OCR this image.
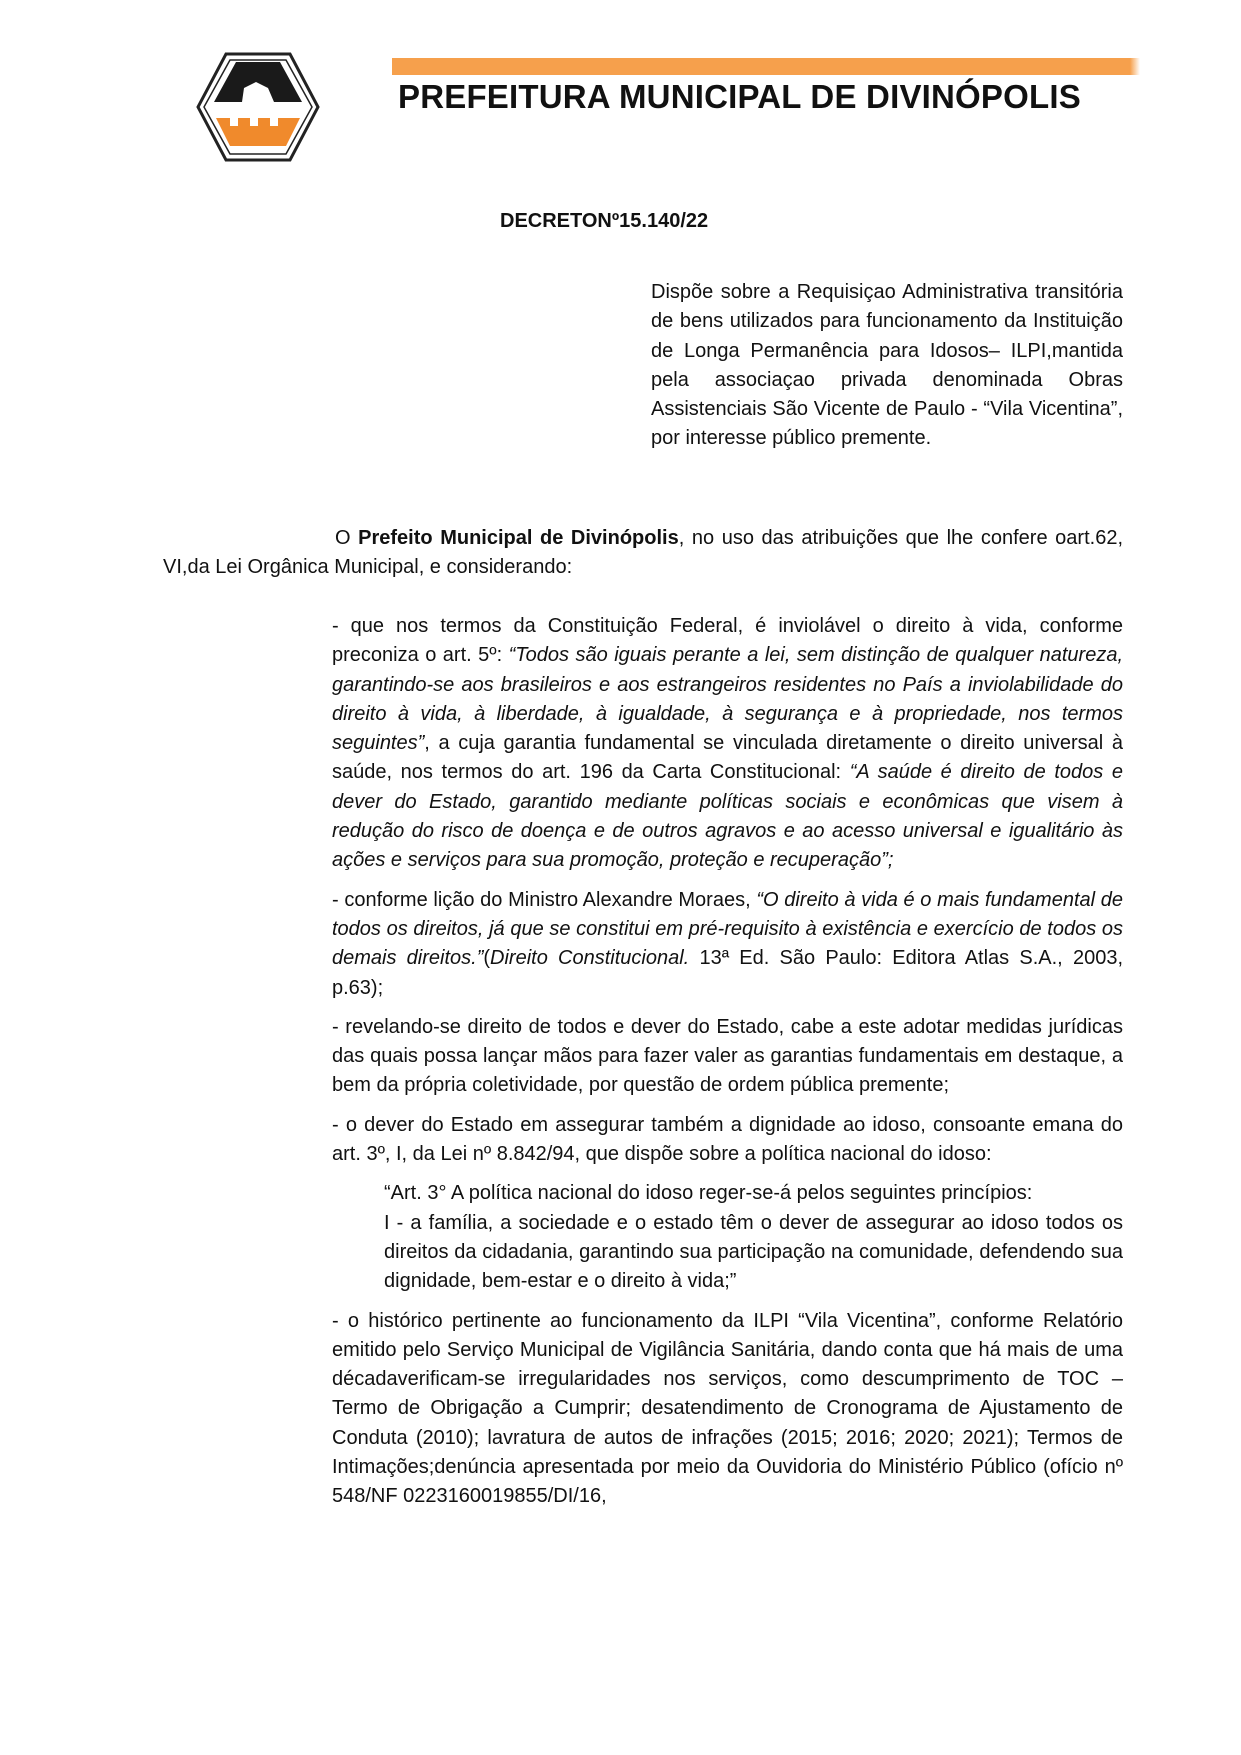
PREFEITURA MUNICIPAL DE DIVINÓPOLIS
DECRETONº15.140/22
Dispõe sobre a Requisiçao Administrativa transitória de bens utilizados para funcionamento da Instituição de Longa Permanência para Idosos– ILPI,mantida pela associaçao privada denominada Obras Assistenciais São Vicente de Paulo - “Vila Vicentina”, por interesse público premente.
O Prefeito Municipal de Divinópolis, no uso das atribuições que lhe confere oart.62, VI,da Lei Orgânica Municipal, e considerando:

- que nos termos da Constituição Federal, é inviolável o direito à vida, conforme preconiza o art. 5º: “Todos são iguais perante a lei, sem distinção de qualquer natureza, garantindo-se aos brasileiros e aos estrangeiros residentes no País a inviolabilidade do direito à vida, à liberdade, à igualdade, à segurança e à propriedade, nos termos seguintes”, a cuja garantia fundamental se vinculada diretamente o direito universal à saúde, nos termos do art. 196 da Carta Constitucional: “A saúde é direito de todos e dever do Estado, garantido mediante políticas sociais e econômicas que visem à redução do risco de doença e de outros agravos e ao acesso universal e igualitário às ações e serviços para sua promoção, proteção e recuperação”;

- conforme lição do Ministro Alexandre Moraes, “O direito à vida é o mais fundamental de todos os direitos, já que se constitui em pré-requisito à existência e exercício de todos os demais direitos.”(Direito Constitucional. 13ª Ed. São Paulo: Editora Atlas S.A., 2003, p.63);

- revelando-se direito de todos e dever do Estado, cabe a este adotar medidas jurídicas das quais possa lançar mãos para fazer valer as garantias fundamentais em destaque, a bem da própria coletividade, por questão de ordem pública premente;

- o dever do Estado em assegurar também a dignidade ao idoso, consoante emana do art. 3º, I, da Lei nº 8.842/94, que dispõe sobre a política nacional do idoso:

“Art. 3° A política nacional do idoso reger-se-á pelos seguintes princípios:

I - a família, a sociedade e o estado têm o dever de assegurar ao idoso todos os direitos da cidadania, garantindo sua participação na comunidade, defendendo sua dignidade, bem-estar e o direito à vida;”

- o histórico pertinente ao funcionamento da ILPI “Vila Vicentina”, conforme Relatório emitido pelo Serviço Municipal de Vigilância Sanitária, dando conta que há mais de uma décadaverificam-se irregularidades nos serviços, como descumprimento de TOC – Termo de Obrigação a Cumprir; desatendimento de Cronograma de Ajustamento de Conduta (2010); lavratura de autos de infrações (2015; 2016; 2020; 2021); Termos de Intimações;denúncia apresentada por meio da Ouvidoria do Ministério Público (ofício nº 548/NF 0223160019855/DI/16,
